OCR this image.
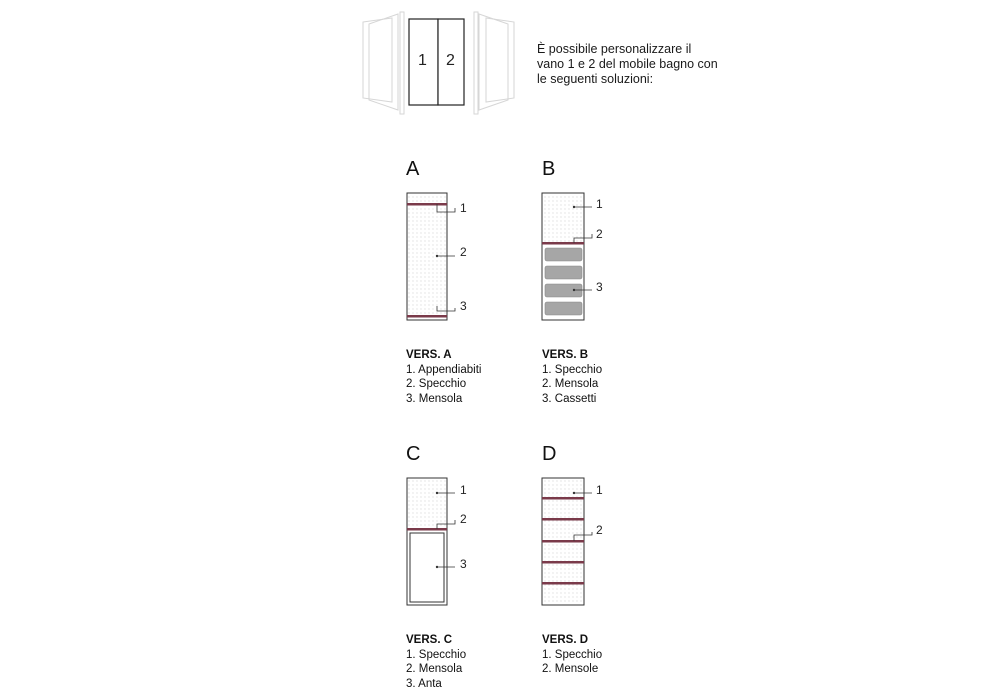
1
2
3
1
2
3
1
2
3
1
2
1 2
È possibile personalizzare il
vano 1 e 2 del mobile bagno con
le seguenti soluzioni:
A	B
C	D
VERS. A
1. Appendiabiti
2. Specchio
3. Mensola
VERS. B
1. Specchio
2. Mensola
3. Cassetti
VERS. C
1. Specchio
2. Mensola
3. Anta
VERS. D
1. Specchio
2. Mensole
